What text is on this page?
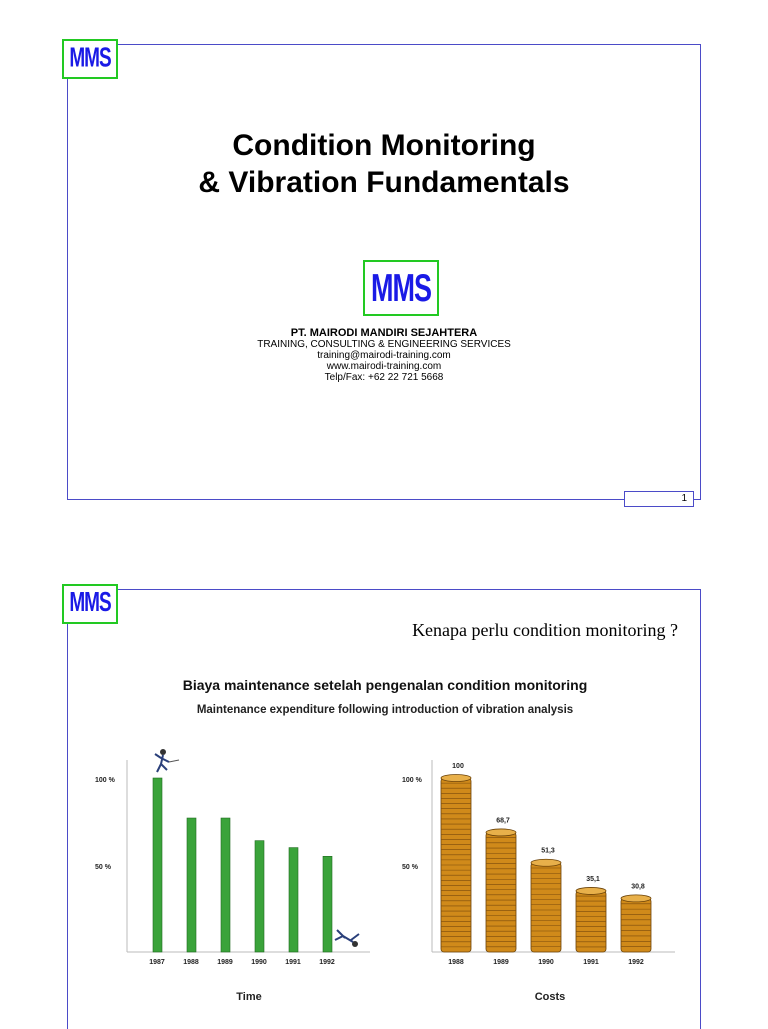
MMS
Condition Monitoring
& Vibration Fundamentals
MMS
PT. MAIRODI MANDIRI SEJAHTERA
TRAINING, CONSULTING & ENGINEERING SERVICES
training@mairodi-training.com
www.mairodi-training.com
Telp/Fax: +62 22 721 5668
1
MMS
Kenapa perlu condition monitoring ?
Biaya maintenance setelah pengenalan condition monitoring
Maintenance expenditure following introduction of vibration analysis
100 %
50 %
1987	1988	1989	1990	1991	1992
Time
100 %
50 %
100
1988
68,7
1989
51,3
1990
35,1
1991
30,8
1992
Costs
